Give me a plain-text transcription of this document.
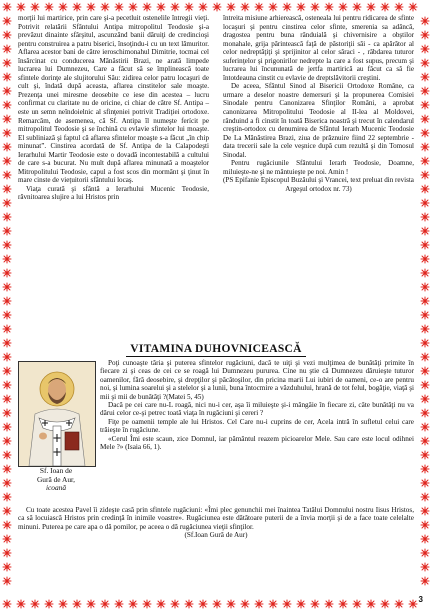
morţii lui martirice, prin care şi-a pecetluit ostenelile întregii vieţi. Potrivit relatării Sfântului Antipa mitropolitul Teodosie şi-a prevăzut dinainte sfârşitul, ascunzând banii dăruiţi de credincioşi pentru construirea a patru biserici, însoţindu-i cu un text lămuritor. Aflarea acestor bani de către ieroschimonahul Dimitrie, tocmai cel însărcinat cu conducerea Mănăstirii Brazi, ne arată limpede lucrarea lui Dumnezeu, Care a făcut să se împlinească toate sfintele dorinţe ale slujitorului Său: zidirea celor patru locaşuri de cult şi, îndată după aceasta, aflarea cinstitelor sale moaşte. Prezenţa unei miresme deosebite ce iese din acestea – lucru confirmat cu claritate nu de oricine, ci chiar de către Sf. Antipa – este un semn neîndoielnic al sfinţeniei potrivit Tradiţiei ortodoxe. Remarcăm, de asemenea, că Sf. Antipa îl numeşte ferícit pe mitropolitul Teodosie şi se închină cu evlavie sfintelor lui moaşte. El subliniază şi faptul că aflarea sfintelor moaşte s-a făcut „în chip minunat”. Cinstirea acordată de Sf. Antipa de la Calapodeşti Ierarhului Martir Teodosie este o dovadă incontestabilă a cultului de care s-a bucurat. Nu mult după aflarea minunată a moaştelor Mitropolitului Teodosie, capul a fost scos din mormânt şi ţinut în mare cinste de vieţuitorii sfântului locaş.

Viaţa curată şi sfântă a Ierarhului Mucenic Teodosie, răvnitoarea slujire a lui Hristos prin

întreita misiune arhierească, osteneala lui pentru ridicarea de sfinte locaşuri şi pentru cinstirea celor sfinte, smerenia sa adâncă, dragostea pentru buna rânduială şi chivernisire a obştilor monahale, grija părintească faţă de păstoriţii săi - ca apărător al celor nedreptăţiţi şi sprijinitor al celor săraci - , râbdarea tuturor suferinţelor şi prigonirilor nedrepte la care a fost supus, precum şi lucrarea lui încununată de jertfa martirică au făcut ca să fie întotdeauna cinstit cu evlavie de dreptslăvitorii creştini.

De aceea, Sfântul Sinod al Bisericii Ortodoxe Române, ca urmare a deselor noastre demersuri şi la propunerea Comisiei Sinodale pentru Canonizarea Sfinţilor Români, a aprobat canonizarea Mitropolitului Teodosie al II-lea al Moldovei, rânduind a fi cinstit în toată Biserica noastră şi trecut în calendarul creştin-ortodox cu denumirea de Sfântul Ierarh Mucenic Teodosie De La Mănăstirea Brazi, ziua de prăznuire fiind 22 septembrie - data trecerii sale la cele veşnice după cum rezultă şi din Tomosul Sinodal.

Pentru rugăciunile Sfântului Ierarh Teodosie, Doamne, miluieşte-ne şi ne mântuieşte pe noi. Amin !

(PS Epifanie Episcopul Buzăului şi Vrancei, text preluat din revista Argeşul ortodox nr. 73)

VITAMINA DUHOVNICEASCĂ
Sf. Ioan de
Gură de Aur,
icoană

Poţi cunoaşte tăria şi puterea sfintelor rugăciuni, dacă te uiţi şi vezi mulţimea de bunătăţi primite în fiecare zi şi ceas de cei ce se roagă lui Dumnezeu pururea. Cine nu ştie că Dumnezeu dăruieşte tuturor oamenilor, fără deosebire, şi drepţilor şi păcătoşilor, din pricina marii Lui iubiri de oameni, ce-o are pentru noi, şi lumina soarelui şi a stelelor şi a lunii, buna întocmire a văzduhului, hrană de tot felul, bogăţie, viaţă şi mii şi mii de bunătăţi ?(Matei 5, 45)

Dacă pe cei care nu-L roagă, nici nu-i cer, aşa îi miluieşte şi-i mângâie în fiecare zi, câte bunătăţi nu va dărui celor ce-şi petrec toată viaţa în rugăciuni şi cereri ?

Fiţe pe oamenii temple ale lui Hristos. Cel Care nu-i cuprins de cer, Acela intră în sufletul celui care trăieşte în rugăciune.

«Cerul Îmi este scaun, zice Domnul, iar pământul reazem picioarelor Mele. Sau care este locul odihnei Mele ?» (Isaia 66, 1).

Cu toate acestea Pavel îi zideşte casă prin sfintele rugăciuni: «Îmi plec genunchii mei înaintea Tatălui Domnului nostru Iisus Hristos, ca să locuiască Hristos prin credinţă în inimile voastre». Rugăciunea este dătătoare puterii de a învia morţii şi de a face toate celelalte minuni. Puterea pe care apa o dă pomilor, pe aceea o dă rugăciunea vieţii sfinţilor.

(Sf.Ioan Gură de Aur)

3
